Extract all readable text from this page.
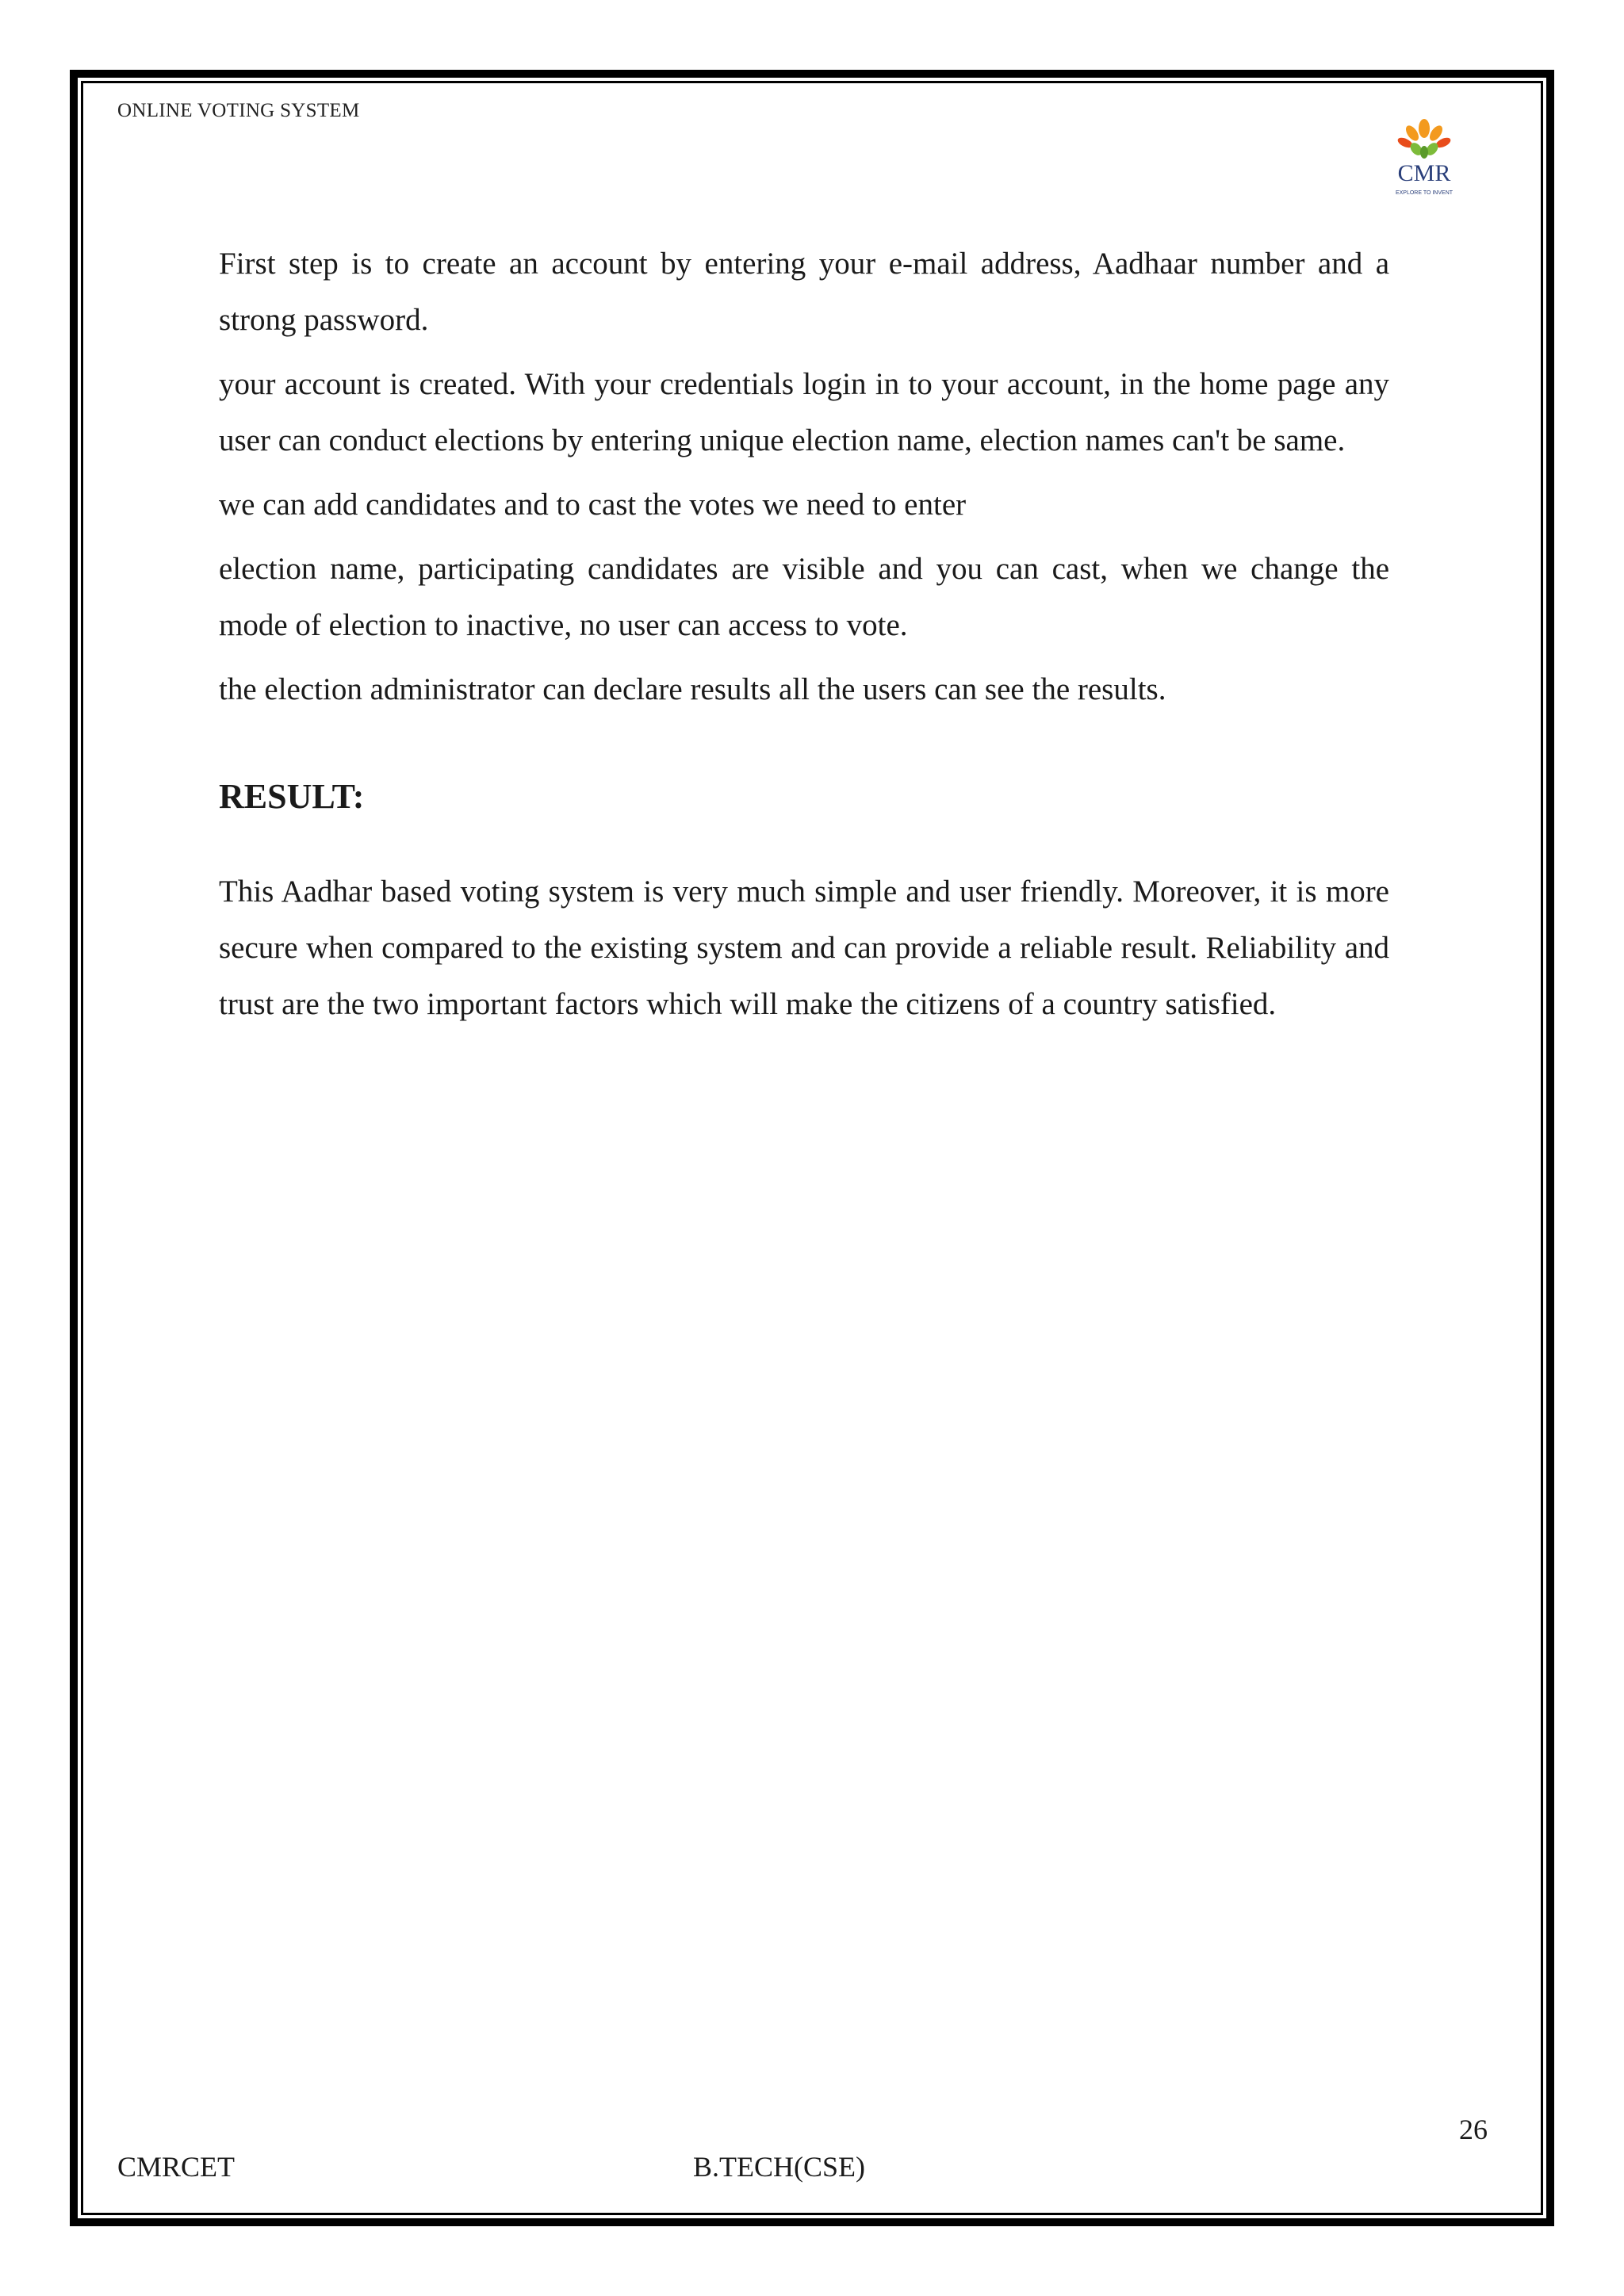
ONLINE VOTING SYSTEM
CMR
EXPLORE TO INVENT

First step is to create an account by entering your e-mail address, Aadhaar number and a strong password.

your account is created. With your credentials login in to your account, in the home page any user can conduct elections by entering unique election name, election names can't be same.

we can add candidates and to cast the votes we need to enter

election name, participating candidates are visible and you can cast, when we change the mode of election to inactive, no user can access to vote.

the election administrator can declare results all the users can see the results.

RESULT:

This Aadhar based voting system is very much simple and user friendly. Moreover, it is more secure when compared to the existing system and can provide a reliable result. Reliability and trust are the two important factors which will make the citizens of a country satisfied.

26
CMRCET	B.TECH(CSE)
